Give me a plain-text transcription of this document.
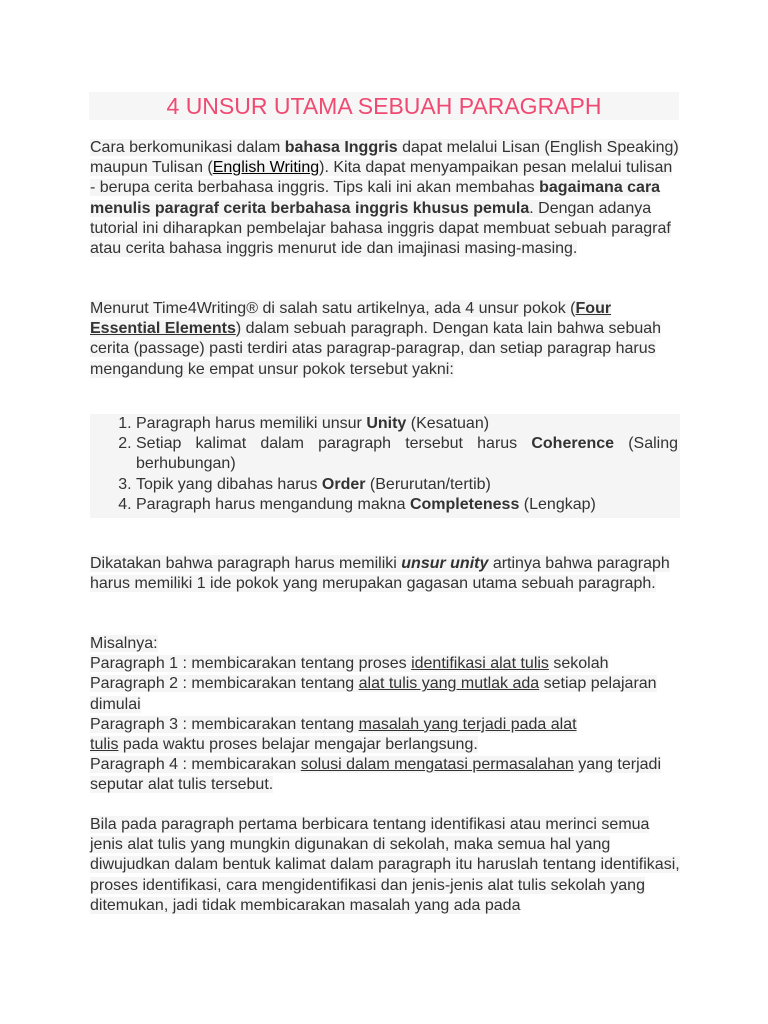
4 UNSUR UTAMA SEBUAH PARAGRAPH

Cara berkomunikasi dalam bahasa Inggris dapat melalui Lisan (English Speaking) maupun Tulisan (English Writing). Kita dapat menyampaikan pesan melalui tulisan - berupa cerita berbahasa inggris. Tips kali ini akan membahas bagaimana cara menulis paragraf cerita berbahasa inggris khusus pemula. Dengan adanya tutorial ini diharapkan pembelajar bahasa inggris dapat membuat sebuah paragraf atau cerita bahasa inggris menurut ide dan imajinasi masing-masing.

Menurut Time4Writing® di salah satu artikelnya, ada 4 unsur pokok (Four Essential Elements) dalam sebuah paragraph. Dengan kata lain bahwa sebuah cerita (passage) pasti terdiri atas paragrap-paragrap, dan setiap paragrap harus mengandung ke empat unsur pokok tersebut yakni:

1. Paragraph harus memiliki unsur Unity (Kesatuan)
2. Setiap kalimat dalam paragraph tersebut harus Coherence (Saling berhubungan)
3. Topik yang dibahas harus Order (Berurutan/tertib)
4. Paragraph harus mengandung makna Completeness (Lengkap)

Dikatakan bahwa paragraph harus memiliki unsur unity artinya bahwa paragraph harus memiliki 1 ide pokok yang merupakan gagasan utama sebuah paragraph.

Misalnya:
Paragraph 1 : membicarakan tentang proses identifikasi alat tulis sekolah
Paragraph 2 : membicarakan tentang alat tulis yang mutlak ada setiap pelajaran dimulai
Paragraph 3 : membicarakan tentang masalah yang terjadi pada alat
tulis pada waktu proses belajar mengajar berlangsung.
Paragraph 4 : membicarakan solusi dalam mengatasi permasalahan yang terjadi seputar alat tulis tersebut.

Bila pada paragraph pertama berbicara tentang identifikasi atau merinci semua jenis alat tulis yang mungkin digunakan di sekolah, maka semua hal yang diwujudkan dalam bentuk kalimat dalam paragraph itu haruslah tentang identifikasi, proses identifikasi, cara mengidentifikasi dan jenis-jenis alat tulis sekolah yang ditemukan, jadi tidak membicarakan masalah yang ada pada
